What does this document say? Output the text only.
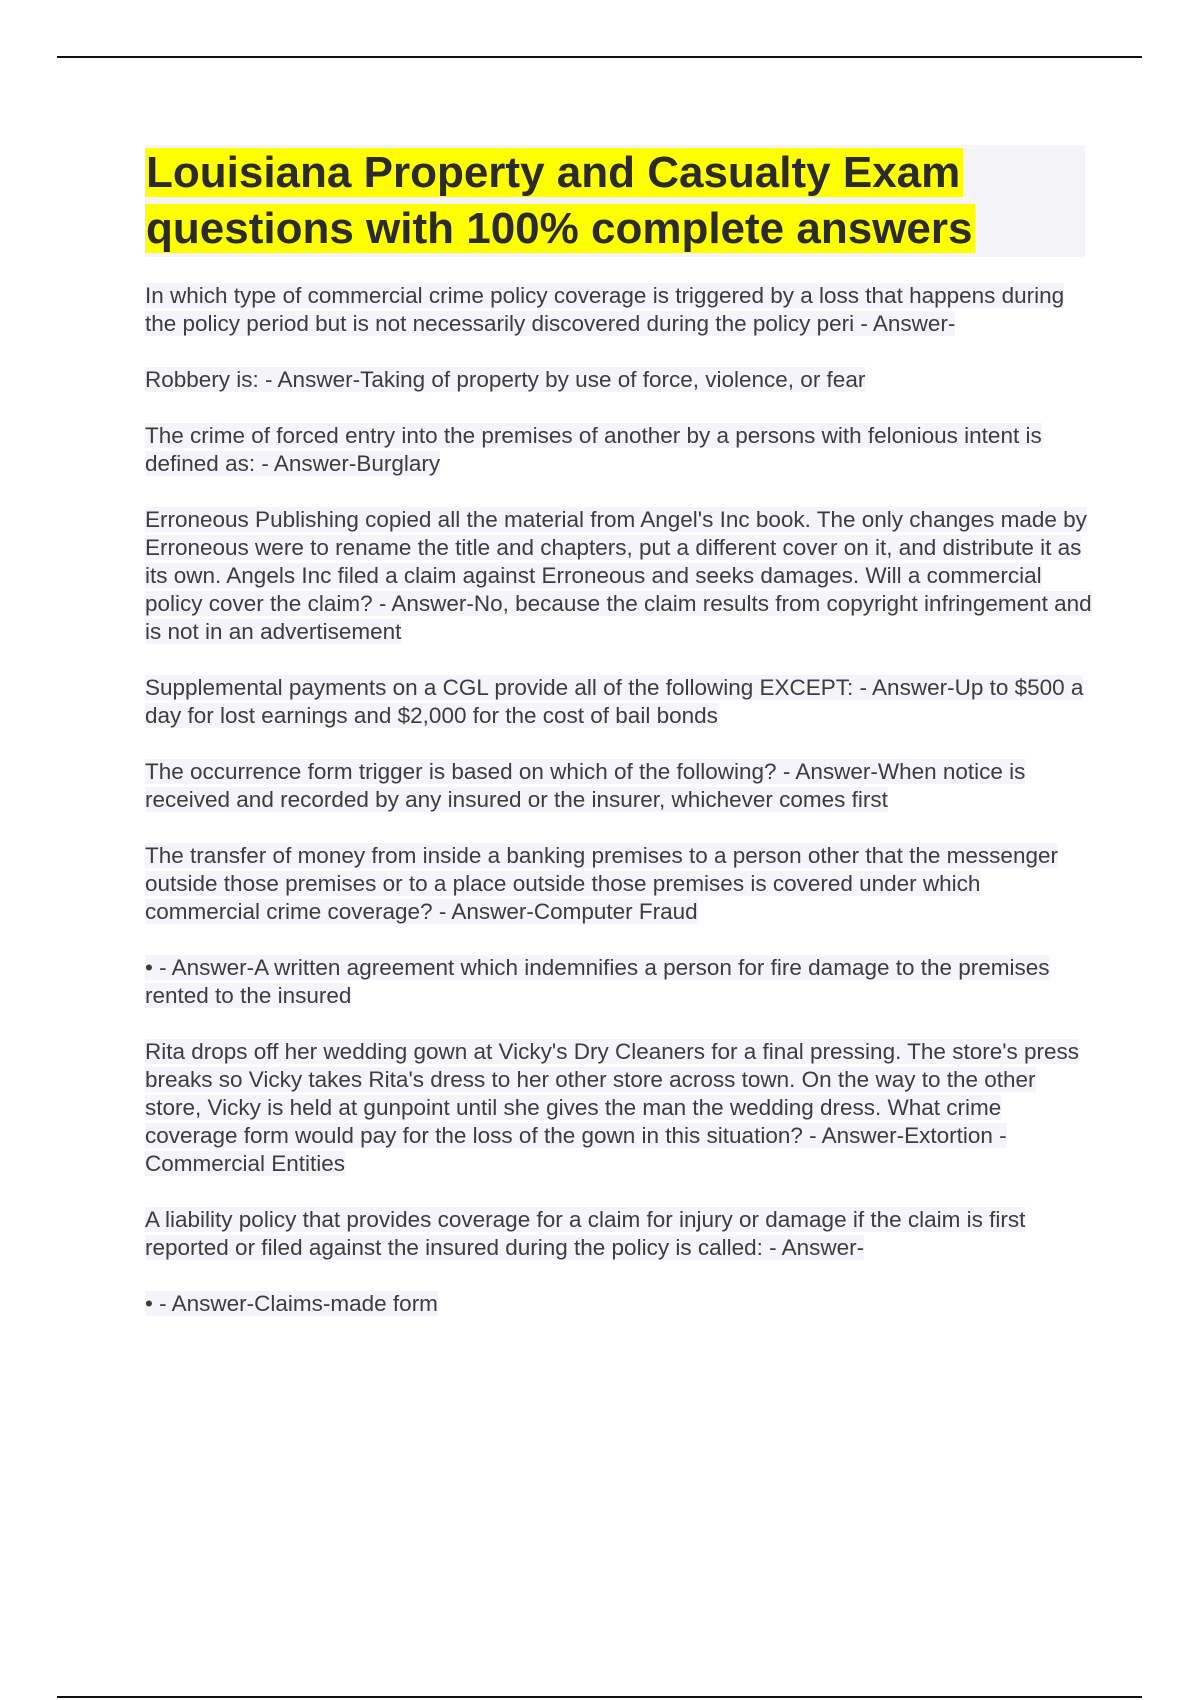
Louisiana Property and Casualty Exam questions with 100% complete answers

In which type of commercial crime policy coverage is triggered by a loss that happens during the policy period but is not necessarily discovered during the policy peri - Answer-

Robbery is: - Answer-Taking of property by use of force, violence, or fear

The crime of forced entry into the premises of another by a persons with felonious intent is defined as: - Answer-Burglary

Erroneous Publishing copied all the material from Angel's Inc book. The only changes made by Erroneous were to rename the title and chapters, put a different cover on it, and distribute it as its own. Angels Inc filed a claim against Erroneous and seeks damages. Will a commercial policy cover the claim? - Answer-No, because the claim results from copyright infringement and is not in an advertisement

Supplemental payments on a CGL provide all of the following EXCEPT: - Answer-Up to $500 a day for lost earnings and $2,000 for the cost of bail bonds

The occurrence form trigger is based on which of the following? - Answer-When notice is received and recorded by any insured or the insurer, whichever comes first

The transfer of money from inside a banking premises to a person other that the messenger outside those premises or to a place outside those premises is covered under which commercial crime coverage? - Answer-Computer Fraud

• - Answer-A written agreement which indemnifies a person for fire damage to the premises rented to the insured

Rita drops off her wedding gown at Vicky's Dry Cleaners for a final pressing. The store's press breaks so Vicky takes Rita's dress to her other store across town. On the way to the other store, Vicky is held at gunpoint until she gives the man the wedding dress. What crime coverage form would pay for the loss of the gown in this situation? - Answer-Extortion - Commercial Entities

A liability policy that provides coverage for a claim for injury or damage if the claim is first reported or filed against the insured during the policy is called: - Answer-

• - Answer-Claims-made form
